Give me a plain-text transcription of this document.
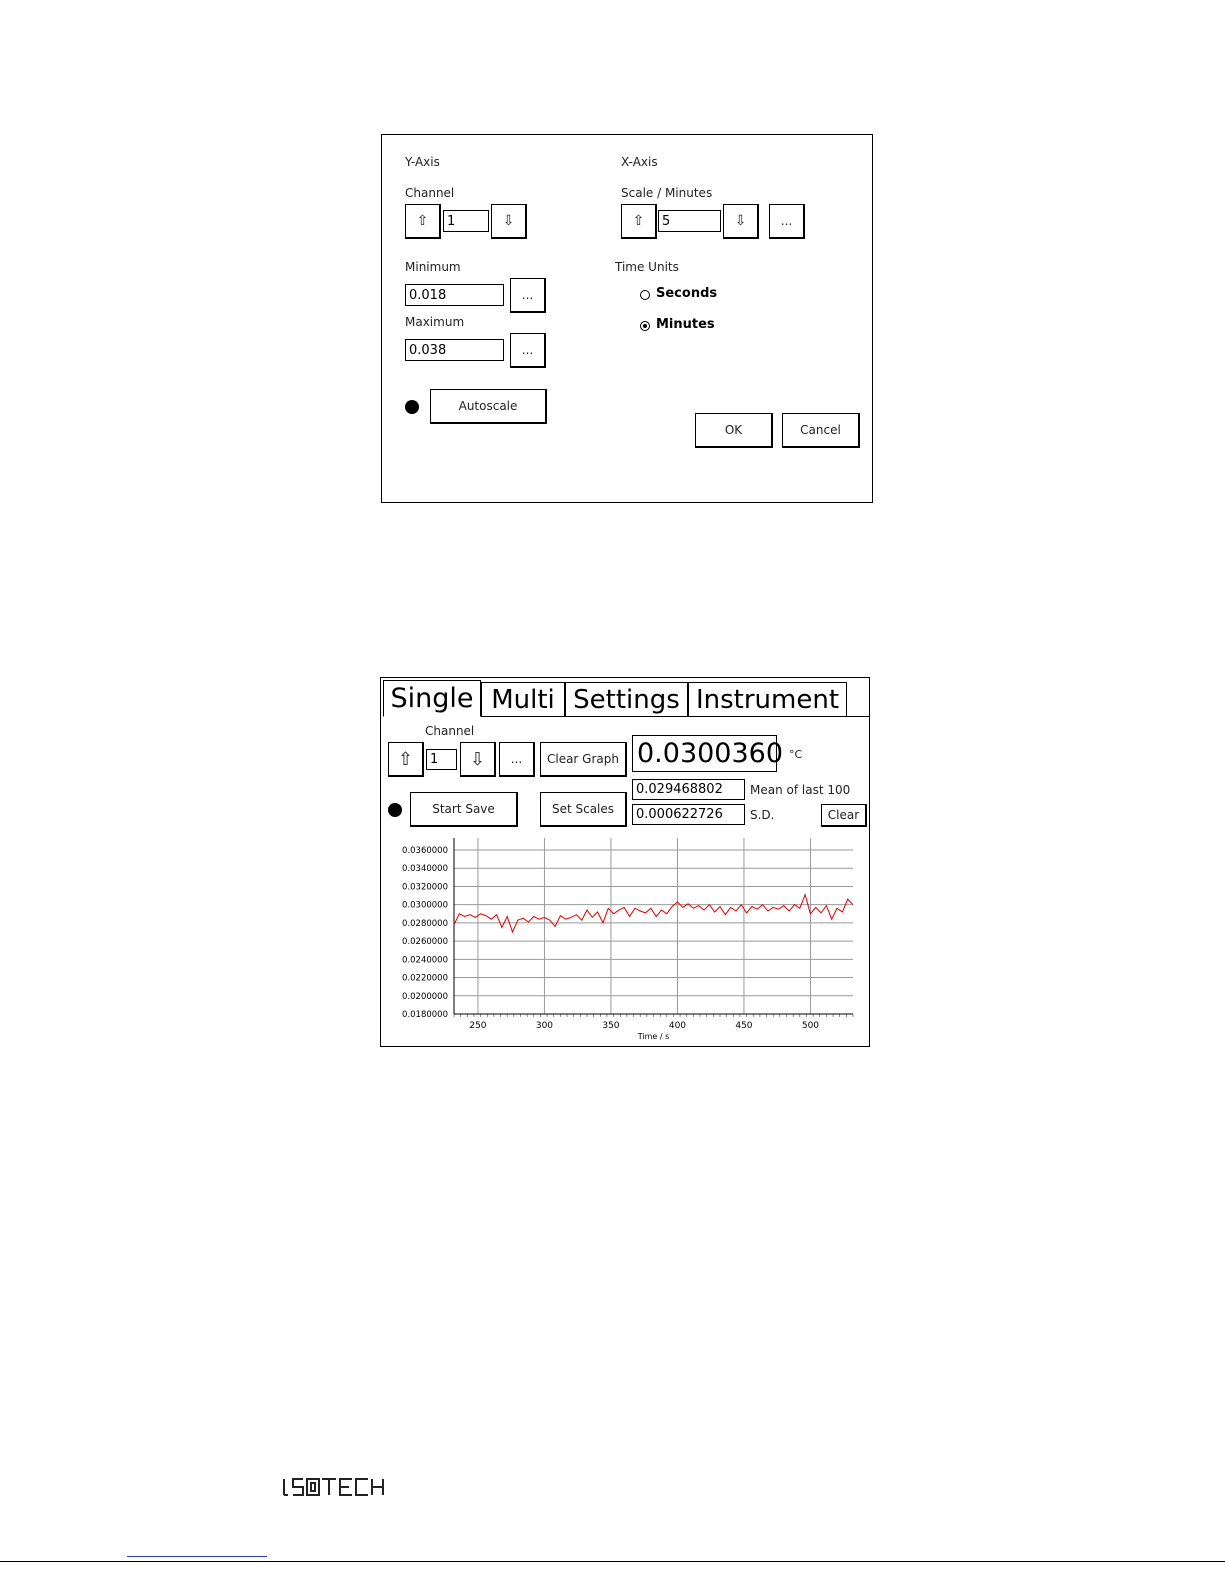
Y-Axis	X-Axis
Channel
⇧	1	⇩
Minimum
0.018	...
Maximum
0.038	...
Autoscale
Scale / Minutes
⇧	5	⇩	...
Time Units
Seconds
Minutes
OK	Cancel
Single Multi Settings Instrument
Channel
⇧	1	⇩	...	Clear Graph 0.0300360 °C
0.029468802	Mean of last 100
0.000622726	S.D.	Clear
Start Save	Set Scales
0.0180000
0.0200000
0.0220000
0.0240000
0.0260000
0.0280000
0.0300000
0.0320000
0.0340000
0.0360000
250	300	350	400	450	500
Time / s
